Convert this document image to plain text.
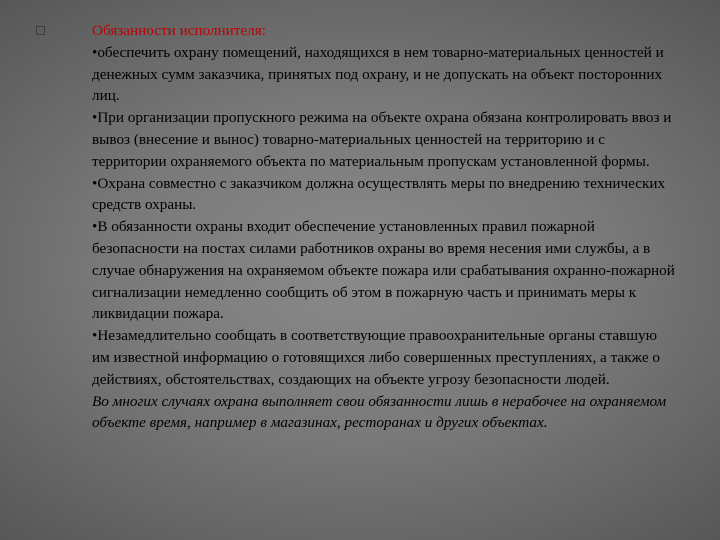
Обязанности исполнителя:

•обеспечить охрану помещений, находящихся в нем товарно-материальных ценностей и денежных сумм заказчика, принятых под охрану, и не допускать на объект посторонних лиц.

•При организации пропускного режима на объекте охрана обязана контролировать ввоз и вывоз (внесение и вынос) товарно-материальных ценностей на территорию и с территории охраняемого объекта по материальным пропускам установленной формы.

•Охрана совместно с заказчиком должна осуществлять меры по внедрению технических средств охраны.

•В обязанности охраны входит обеспечение установленных правил пожарной безопасности на постах силами работников охраны во время несения ими службы, а в случае обнаружения на охраняемом объекте пожара или срабатывания охранно-пожарной сигнализации немедленно сообщить об этом в пожарную часть и принимать меры к ликвидации пожара.

•Незамедлительно сообщать в соответствующие правоохранительные органы ставшую им известной информацию о готовящихся либо совершенных преступлениях, а также о действиях, обстоятельствах, создающих на объекте угрозу безопасности людей.

Во многих случаях охрана выполняет свои обязанности лишь в нерабочее на охраняемом объекте время, например в магазинах, ресторанах и других объектах.
